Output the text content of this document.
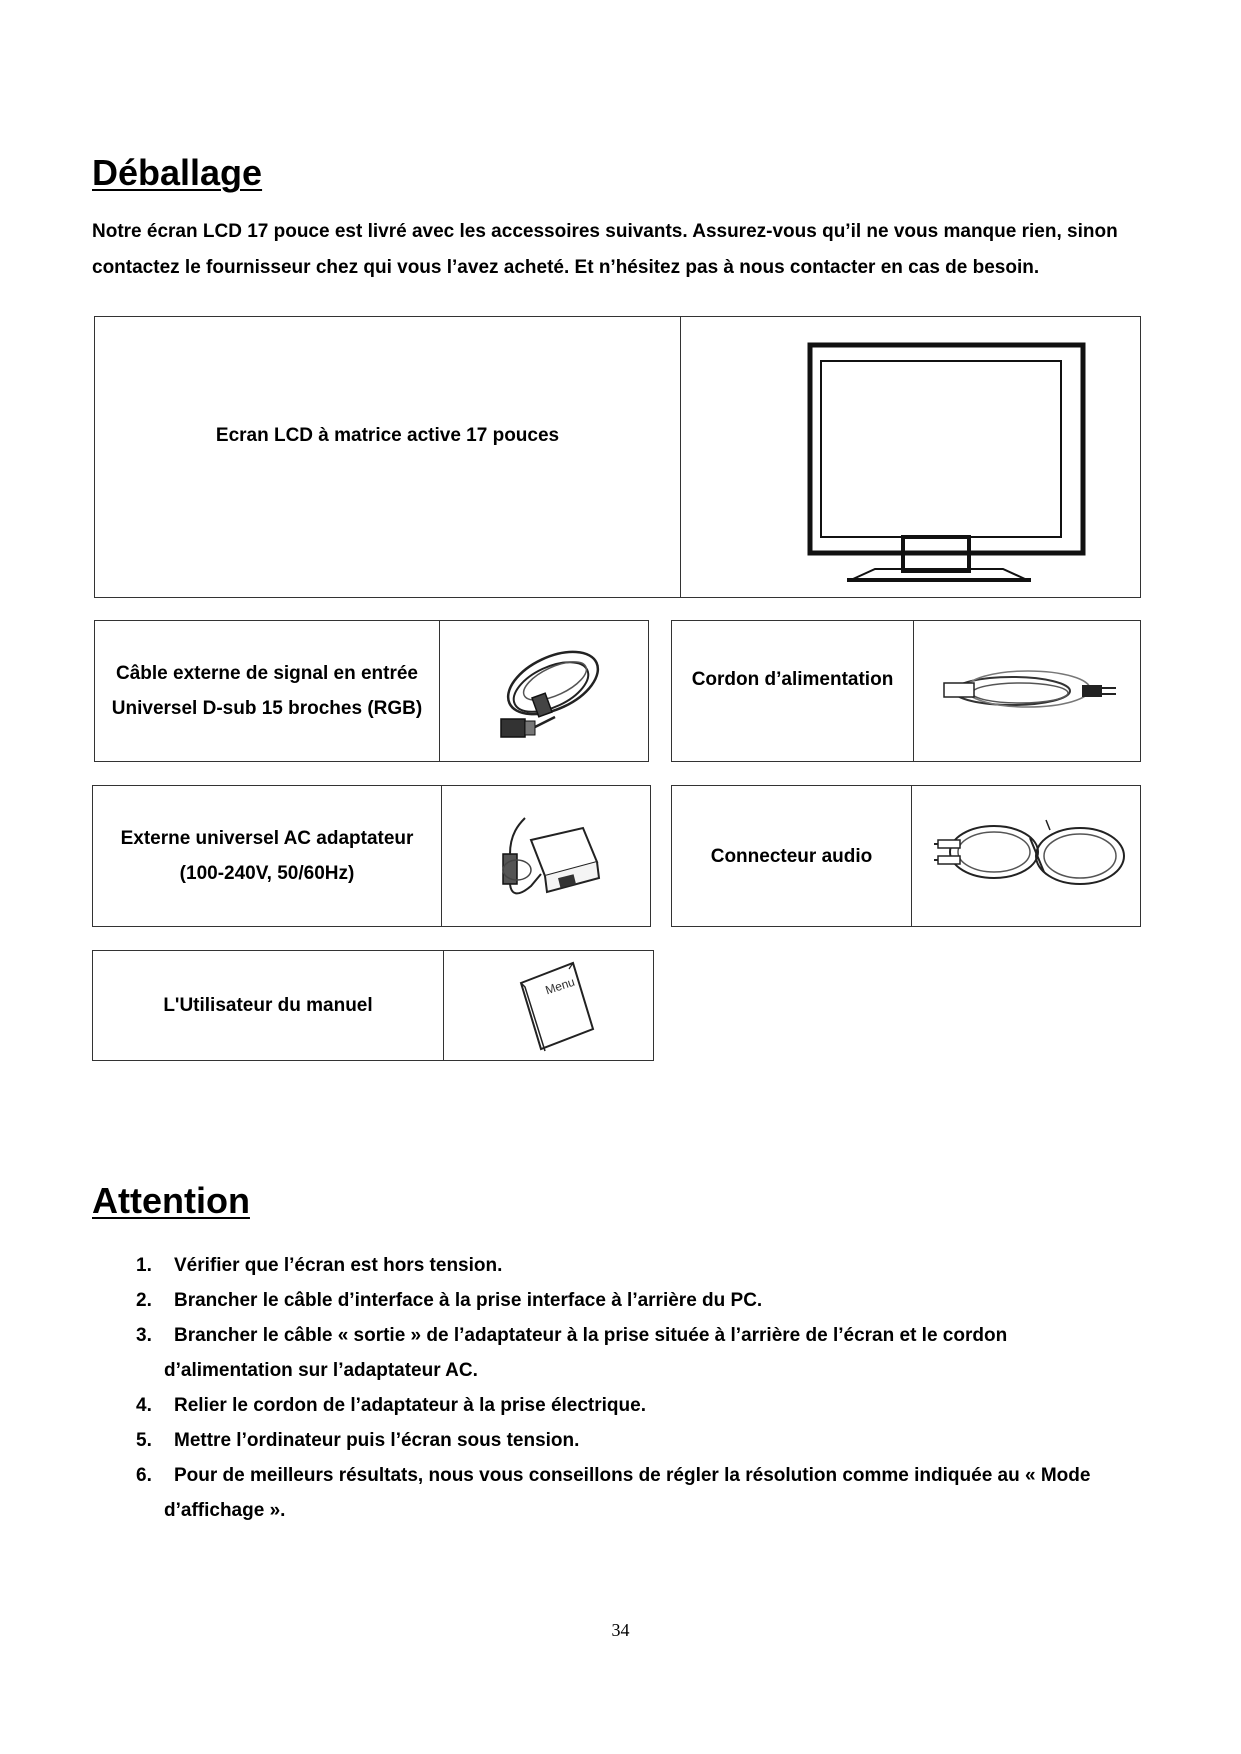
Déballage
Notre écran LCD 17 pouce est livré avec les accessoires suivants. Assurez-vous qu’il ne vous manque rien, sinon
contactez le fournisseur chez qui vous l’avez acheté. Et n’hésitez pas à nous contacter en cas de besoin.
Ecran LCD à matrice active 17 pouces
Câble externe de signal en entrée
Universel D-sub 15 broches (RGB)
Cordon d’alimentation
Externe universel AC adaptateur
(100-240V, 50/60Hz)
Connecteur audio
L'Utilisateur du manuel
Menu
Attention
1. Vérifier que l’écran est hors tension.
2. Brancher le câble d’interface à la prise interface à l’arrière du PC.
3. Brancher le câble « sortie » de l’adaptateur à la prise située à l’arrière de l’écran et le cordon
d’alimentation sur l’adaptateur AC.
4. Relier le cordon de l’adaptateur à la prise électrique.
5. Mettre l’ordinateur puis l’écran sous tension.
6. Pour de meilleurs résultats, nous vous conseillons de régler la résolution comme indiquée au « Mode
d’affichage ».
34
